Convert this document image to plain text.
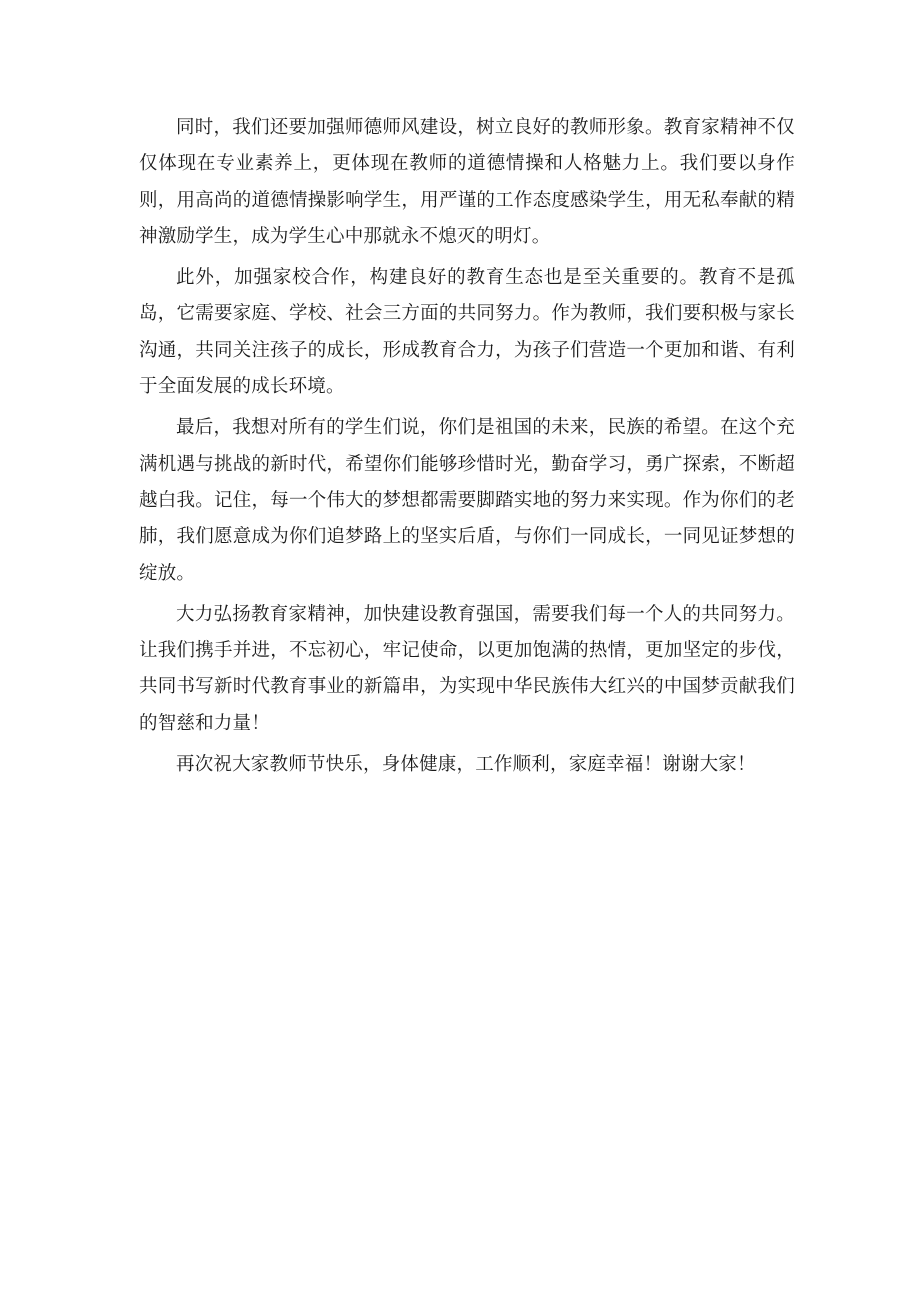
同时，我们还要加强师德师风建设，树立良好的教师形象。教育家精神不仅仅体现在专业素养上，更体现在教师的道德情操和人格魅力上。我们要以身作则，用高尚的道德情操影响学生，用严谨的工作态度感染学生，用无私奉献的精神激励学生，成为学生心中那就永不熄灭的明灯。

此外，加强家校合作，构建良好的教育生态也是至关重要的。教育不是孤岛，它需要家庭、学校、社会三方面的共同努力。作为教师，我们要积极与家长沟通，共同关注孩子的成长，形成教育合力，为孩子们营造一个更加和谐、有利于全面发展的成长环境。

最后，我想对所有的学生们说，你们是祖国的未来，民族的希望。在这个充满机遇与挑战的新时代，希望你们能够珍惜时光，勤奋学习，勇广探索，不断超越白我。记住，每一个伟大的梦想都需要脚踏实地的努力来实现。作为你们的老肺，我们愿意成为你们追梦路上的坚实后盾，与你们一同成长，一同见证梦想的绽放。

大力弘扬教育家精神，加快建设教育强国，需要我们每一个人的共同努力。让我们携手并进，不忘初心，牢记使命，以更加饱满的热情，更加坚定的步伐，共同书写新时代教育事业的新篇串，为实现中华民族伟大红兴的中国梦贡献我们的智慈和力量！

再次祝大家教师节快乐，身体健康，工作顺利，家庭幸福！谢谢大家！
